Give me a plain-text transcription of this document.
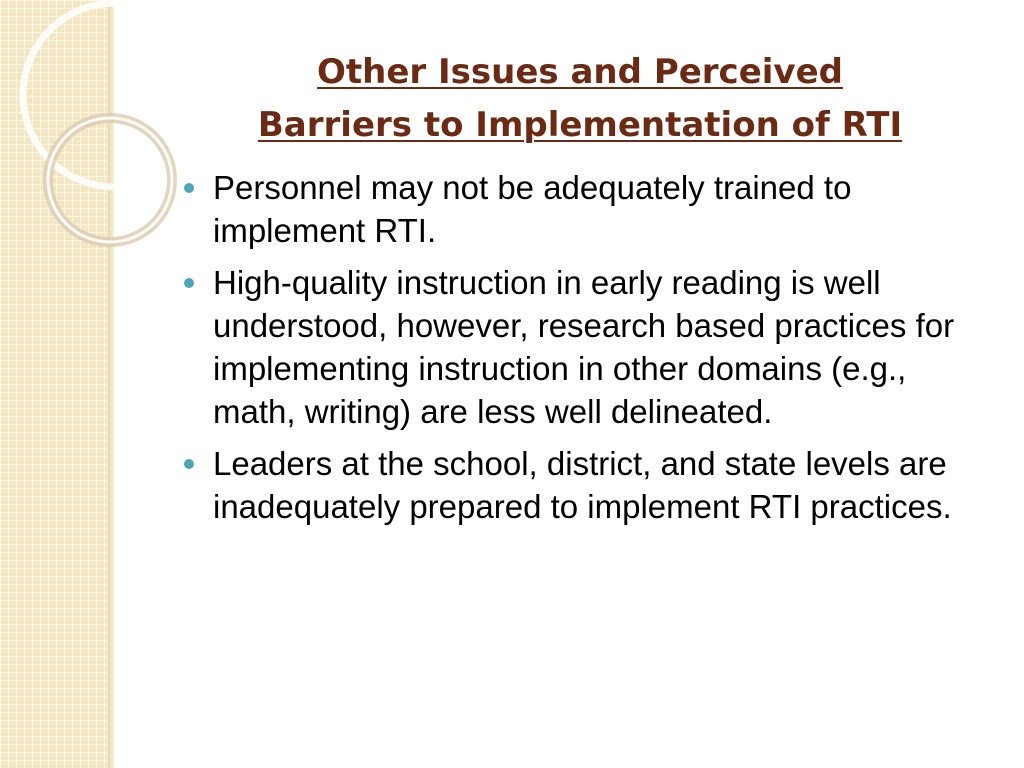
Other Issues and Perceived
Barriers to Implementation of RTI
Personnel may not be adequately trained to implement RTI.
High-quality instruction in early reading is well understood, however, research based practices for implementing instruction in other domains (e.g., math, writing) are less well delineated.
Leaders at the school, district, and state levels are inadequately prepared to implement RTI practices.
